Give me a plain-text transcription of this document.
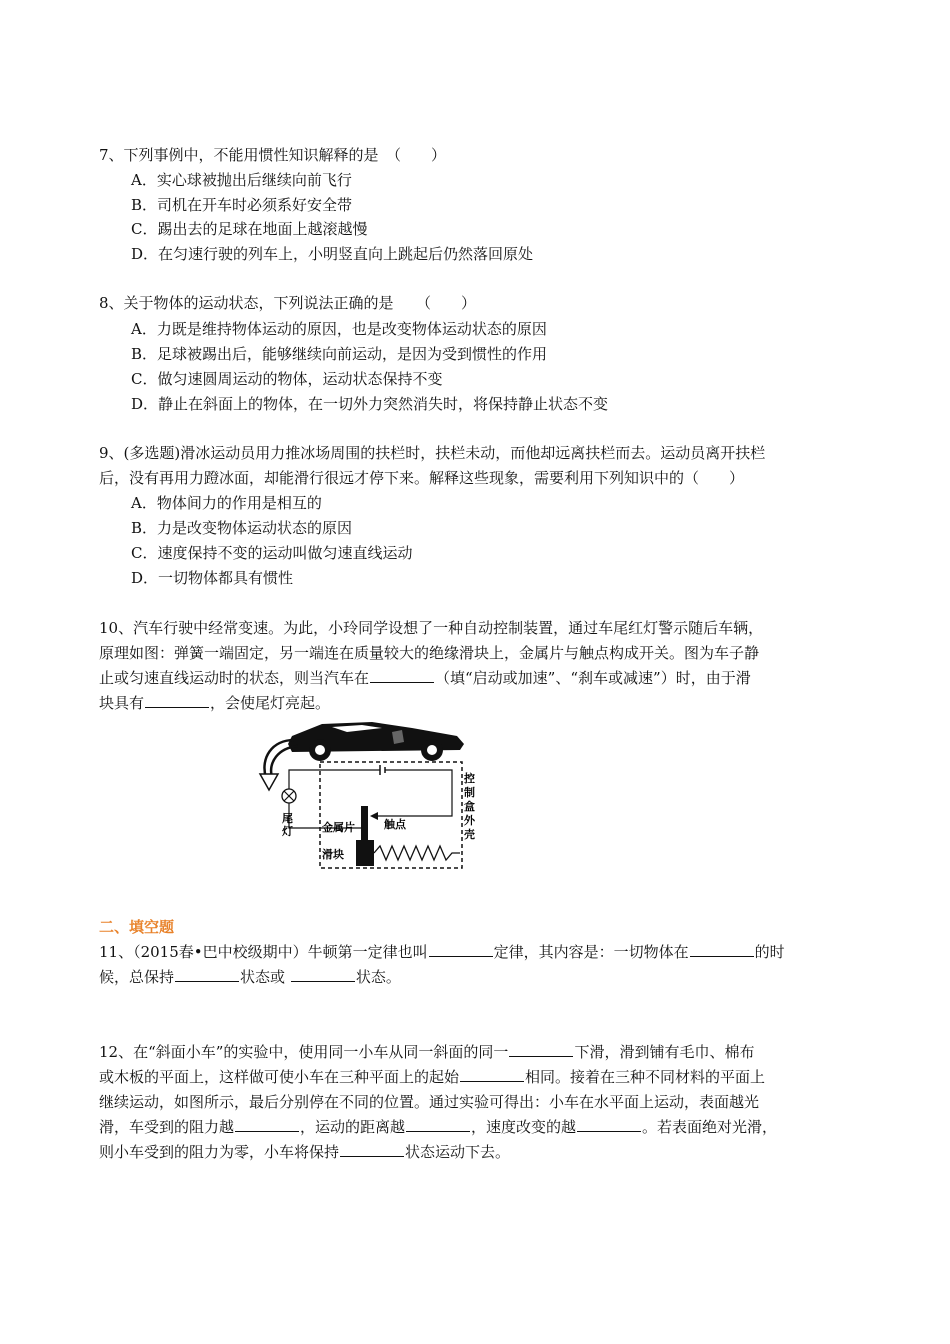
7、下列事例中，不能用惯性知识解释的是　（　　）
A．实心球被抛出后继续向前飞行
B．司机在开车时必须系好安全带
C．踢出去的足球在地面上越滚越慢
D．在匀速行驶的列车上，小明竖直向上跳起后仍然落回原处
8、关于物体的运动状态，下列说法正确的是　　（　　）
A．力既是维持物体运动的原因，也是改变物体运动状态的原因
B．足球被踢出后，能够继续向前运动，是因为受到惯性的作用
C．做匀速圆周运动的物体，运动状态保持不变
D．静止在斜面上的物体，在一切外力突然消失时，将保持静止状态不变
9、(多选题)滑冰运动员用力推冰场周围的扶栏时，扶栏未动，而他却远离扶栏而去。运动员离开扶栏
后，没有再用力蹬冰面，却能滑行很远才停下来。解释这些现象，需要利用下列知识中的（　　）
A．物体间力的作用是相互的
B．力是改变物体运动状态的原因
C．速度保持不变的运动叫做匀速直线运动
D．一切物体都具有惯性
10、汽车行驶中经常变速。为此，小玲同学设想了一种自动控制装置，通过车尾红灯警示随后车辆，
原理如图：弹簧一端固定，另一端连在质量较大的绝缘滑块上，金属片与触点构成开关。图为车子静
止或匀速直线运动时的状态，则当汽车在	（填“启动或加速”、“刹车或减速”）时，由于滑
块具有	，会使尾灯亮起。
尾
灯	金属片	触点
滑块
控
制
盒
外
壳
二、填空题
11、（2015春•巴中校级期中）牛顿第一定律也叫	定律，其内容是：一切物体在	的时
候，总保持	状态或	状态。
12、在“斜面小车”的实验中，使用同一小车从同一斜面的同一	下滑，滑到铺有毛巾、棉布
或木板的平面上，这样做可使小车在三种平面上的起始	相同。接着在三种不同材料的平面上
继续运动，如图所示，最后分别停在不同的位置。通过实验可得出：小车在水平面上运动，表面越光
滑，车受到的阻力越	，运动的距离越	，速度改变的越	。若表面绝对光滑，
则小车受到的阻力为零，小车将保持	状态运动下去。
